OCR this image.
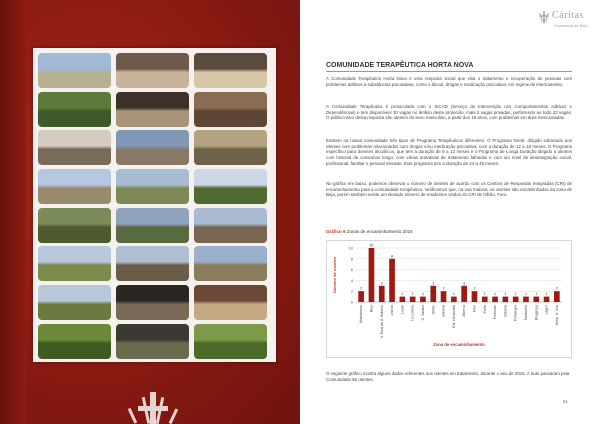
Cáritas
Diocesana de Beja
COMUNIDADE TERAPÊUTICA HORTA NOVA

A Comunidade Terapêutica Horta Nova é uma resposta social que visa o tratamento e recuperação de pessoas com problemas aditivos a substâncias psicoativas, como o álcool, drogas e medicação psicoativa, em regime de internamento.

A Comunidade Terapêutica é protocolada com o SICAD (Serviço de Intervenção nos Comportamentos Aditivos e Dependências) e tem disponíveis 30 vagas no âmbito deste protocolo, mais 2 vagas privadas, perfazendo ao todo 32 vagas. O público-alvo desta resposta são utentes do sexo masculino, a partir dos 18 anos, com problemas em área mencionadas.

Existem na nossa comunidade três tipos de Programa Terapêuticos diferentes. O Programa Geral, dirigido sobretudo aos utentes com problemas relacionados com drogas e/ou medicação psicoativa, com a duração de 12 a 18 meses. O Programa específico para doentes alcoólicos, que tem a duração de 6 a 12 meses e o Programa de Longa Duração dirigido a utentes com historial de consumos longo, com várias tentativas de tratamento falhadas e com um nível de desintegração social, profissional, familiar e pessoal elevado. Este programa tem a duração de 24 a 48 meses.

No gráfico em baixo, podemos observar o número de utentes de acordo com os Centros de Respostas Integradas (CRI) de encaminhamento para a comunidade terapêutica. Verificamos que, na sua maioria, os utentes são encaminhados da zona de Beja, porém também existe um elevado número de residentes vindos do CRI de Olhão, Faro.

Gráfico 6 Zonas de encaminhamento 2016
0
2
4
6
8
10
2
Matosinhos
10
Beja
3
V. Real de S. António
8
Lisboa
1
Loulé
1
Lis Lisboa
1
C. Santos
3
Olhão
2
Setúbal
1
Est. Horizontal
3
Alverca
2
Faro
1
Porto
1
Portimão
1
Setúbal
1
Portalegre
1
Santarém
1
Bragança
1
Lagos
2
Hosp. V. Xira
Número de utentes
Zona de encaminhamento

O seguinte gráfico mostra alguns dados referentes aos utentes em tratamento, durante o ano de 2016. A todo passaram pela Comunidade 66 utentes.

61
